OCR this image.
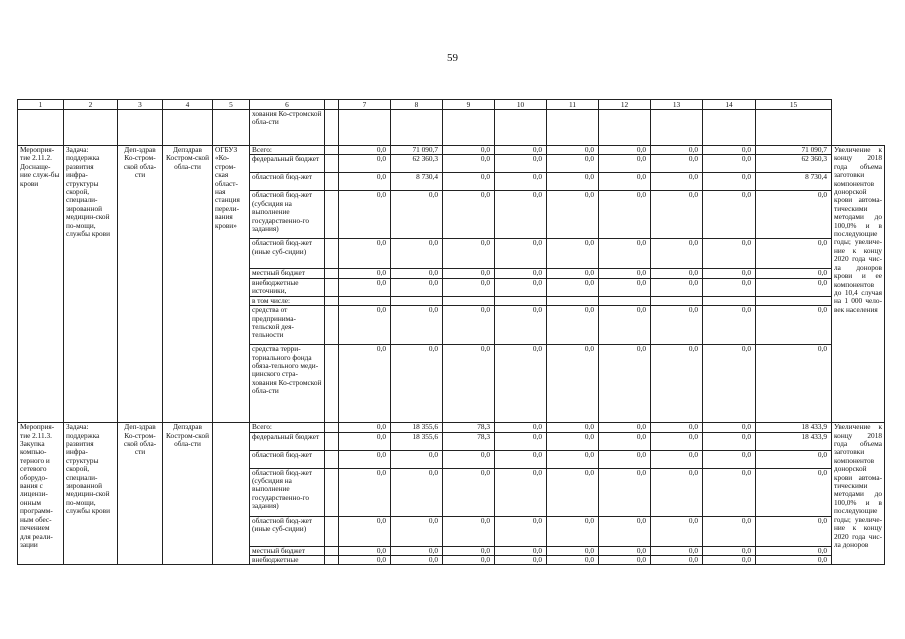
59
1	2	3	4	5	6		7	8	9	10	11	12	13	14	15	
					хования Ко-стромской обла-сти											
Мероприя-тие 2.11.2. Доснаще-ние служ-бы крови	Задача: поддержка развития инфра-структуры скорой, специали-зированной медицин-ской по-мощи, службы крови	Деп-здрав Ко-стром-ской обла-сти	Депздрав Костром-ской обла-сти	ОГБУЗ «Ко-стром-ская област-ная станция перели-вания крови»	Всего:		0,0	71 090,7	0,0	0,0	0,0	0,0	0,0	0,0	71 090,7	Увеличение к концу 2018 года объема заготовки компонентов донорской крови автома-тическими методами до 100,0% и в последующие годы; увеличе-ние к концу 2020 года чис-ла доноров крови и ее компонентов до 10,4 случая на 1 000 чело-век населения
					федеральный бюджет		0,0	62 360,3	0,0	0,0	0,0	0,0	0,0	0,0	62 360,3	
					областной бюд-жет		0,0	8 730,4	0,0	0,0	0,0	0,0	0,0	0,0	8 730,4	
					областной бюд-жет (субсидия на выполнение государственно-го задания)		0,0	0,0	0,0	0,0	0,0	0,0	0,0	0,0	0,0	
					областной бюд-жет (иные суб-сидии)		0,0	0,0	0,0	0,0	0,0	0,0	0,0	0,0	0,0	
					местный бюджет		0,0	0,0	0,0	0,0	0,0	0,0	0,0	0,0	0,0	
					внебюджетные источники,		0,0	0,0	0,0	0,0	0,0	0,0	0,0	0,0	0,0	
					в том числе:											
					средства от предпринима-тельской дея-тельности		0,0	0,0	0,0	0,0	0,0	0,0	0,0	0,0	0,0	
					средства терри-ториального фонда обяза-тельного меди-цинского стра-хования Ко-стромской обла-сти		0,0	0,0	0,0	0,0	0,0	0,0	0,0	0,0	0,0	
Мероприя-тие 2.11.3. Закупка компью-терного и сетевого оборудо-вания с лицензи-онным программ-ным обес-печением для реали-зации	Задача: поддержка развития инфра-структуры скорой, специали-зированной медицин-ской по-мощи, службы крови	Деп-здрав Ко-стром-ской обла-сти	Депздрав Костром-ской обла-сти		Всего:		0,0	18 355,6	78,3	0,0	0,0	0,0	0,0	0,0	18 433,9	Увеличение к концу 2018 года объема заготовки компонентов донорской крови автома-тическими методами до 100,0% и в последующие годы; увеличе-ние к концу 2020 года чис-ла доноров
					федеральный бюджет		0,0	18 355,6	78,3	0,0	0,0	0,0	0,0	0,0	18 433,9	
					областной бюд-жет		0,0	0,0	0,0	0,0	0,0	0,0	0,0	0,0	0,0	
					областной бюд-жет (субсидия на выполнение государственно-го задания)		0,0	0,0	0,0	0,0	0,0	0,0	0,0	0,0	0,0	
					областной бюд-жет (иные суб-сидии)		0,0	0,0	0,0	0,0	0,0	0,0	0,0	0,0	0,0	
					местный бюджет		0,0	0,0	0,0	0,0	0,0	0,0	0,0	0,0	0,0	
					внебюджетные		0,0	0,0	0,0	0,0	0,0	0,0	0,0	0,0	0,0	
